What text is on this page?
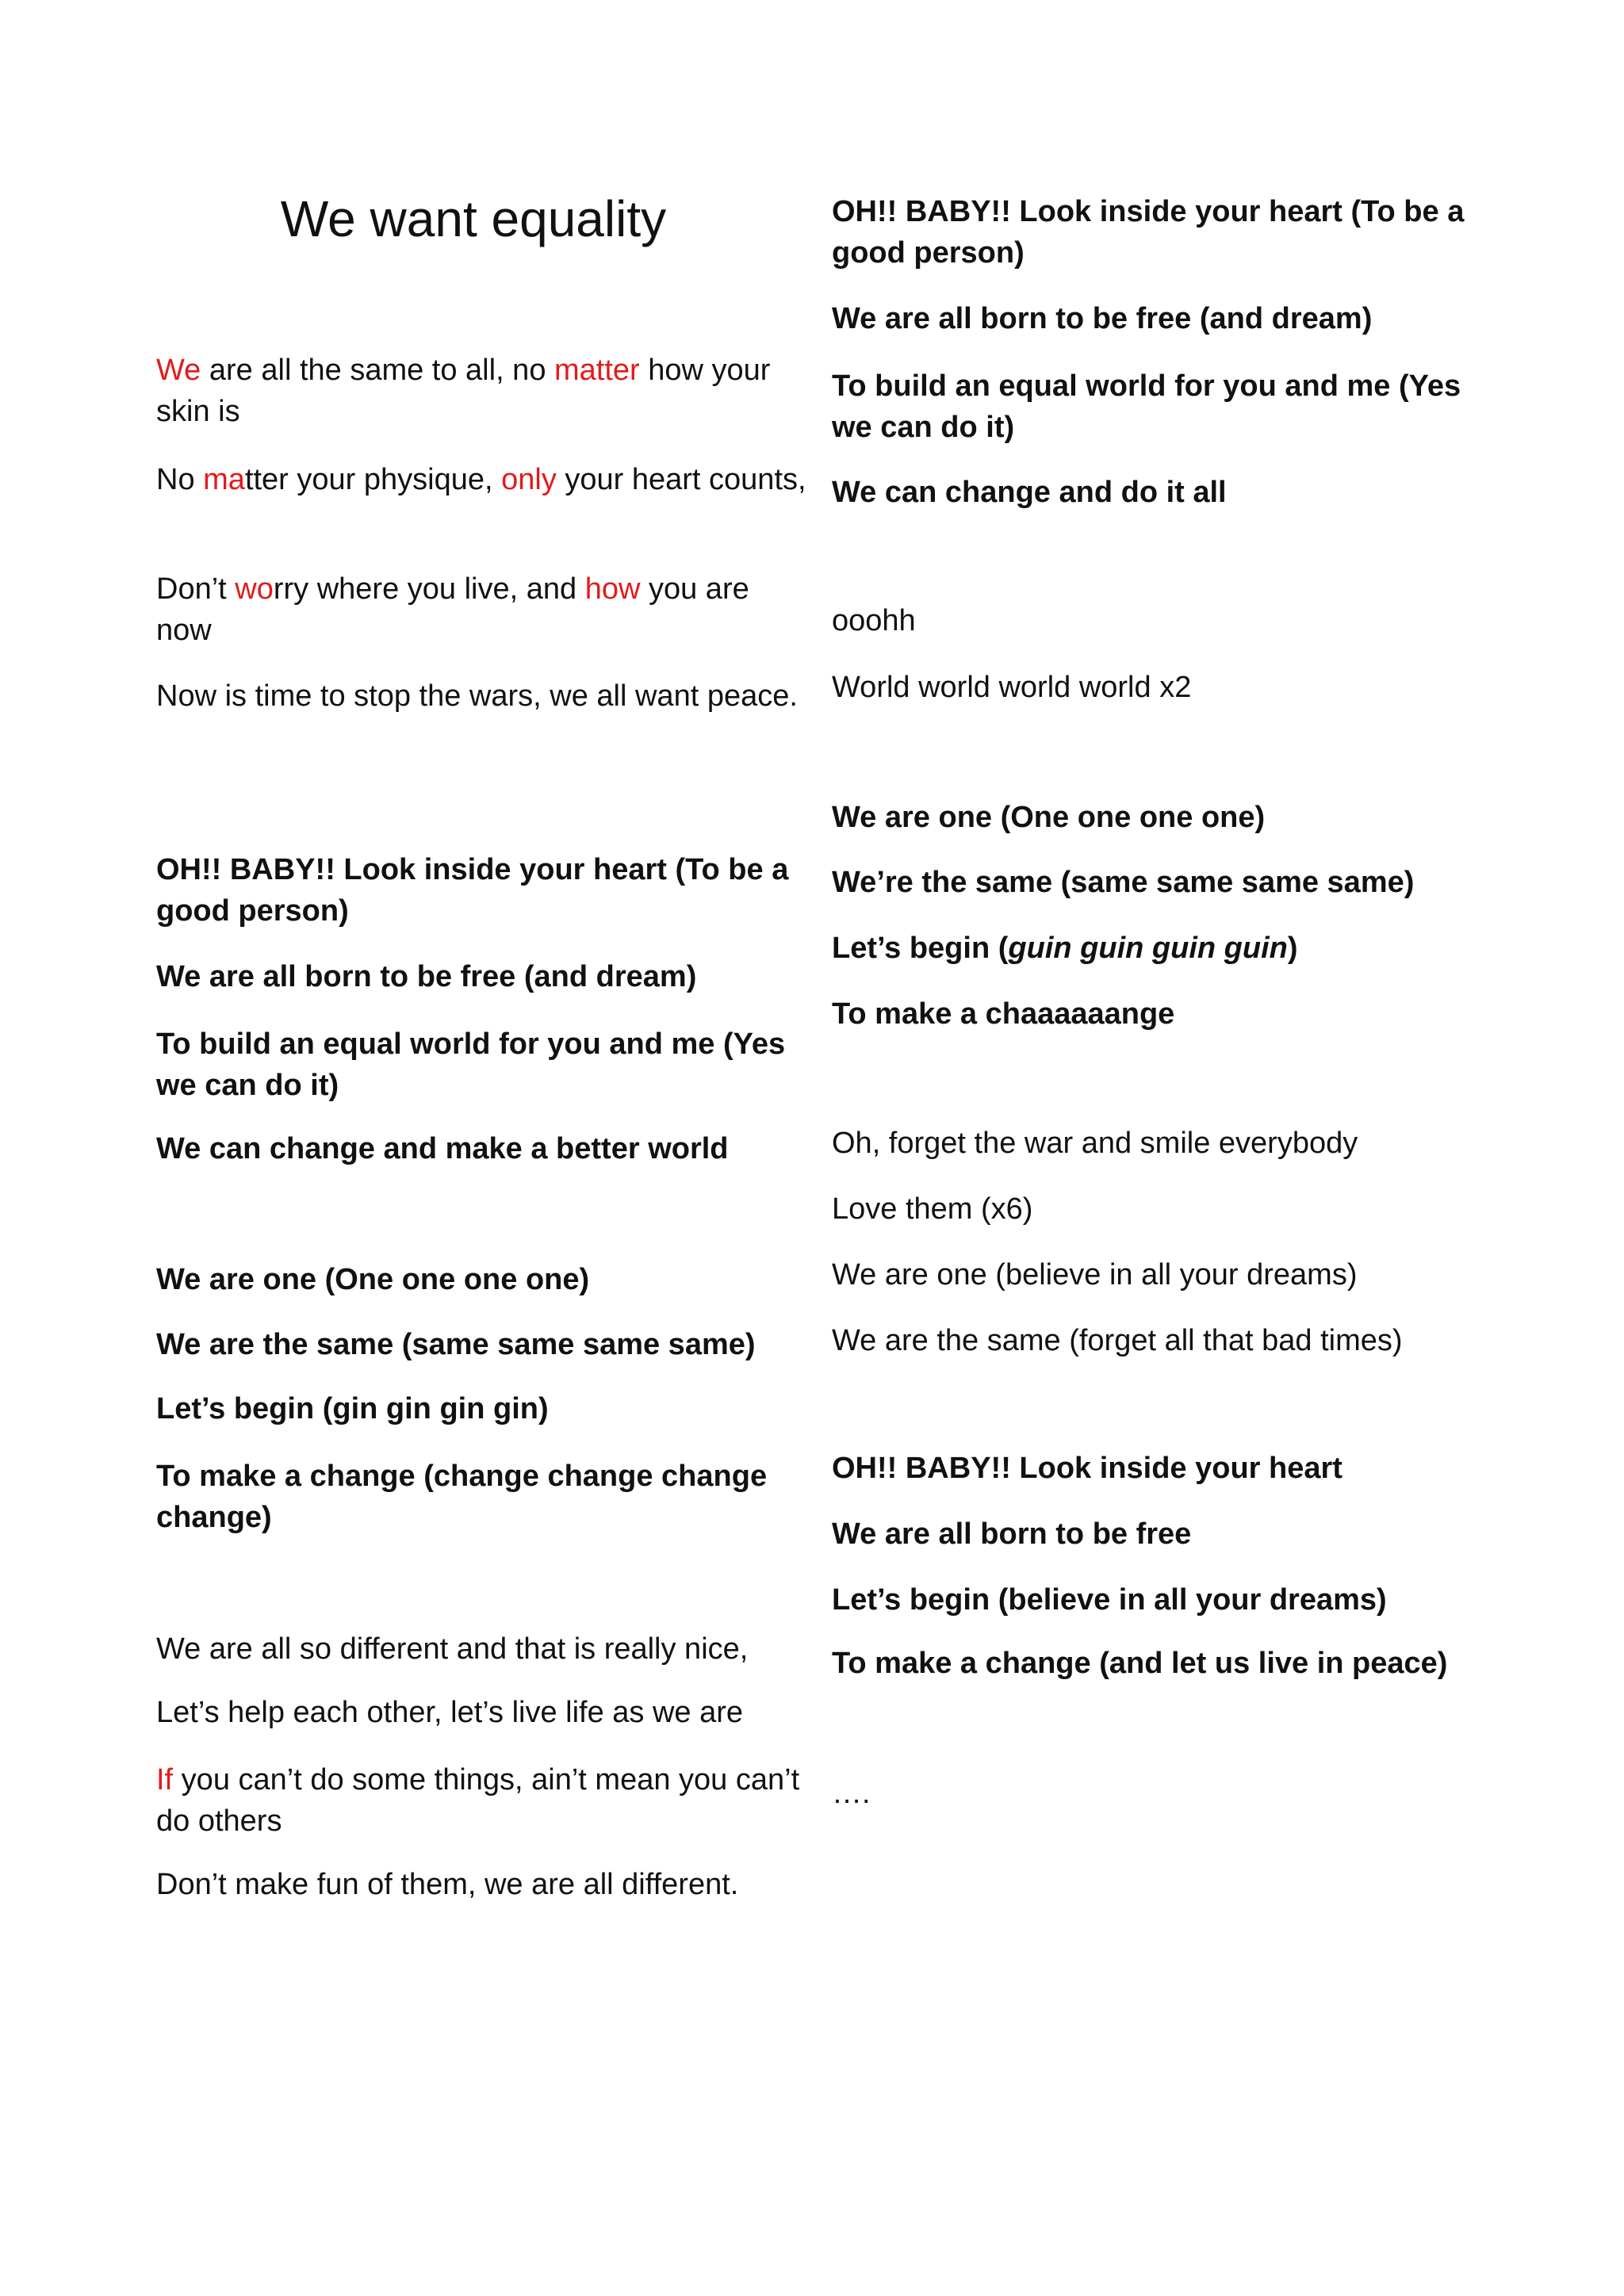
We want equality

We are all the same to all, no matter how your skin is

No matter your physique, only your heart counts,

Don’t worry where you live, and how you are now

Now is time to stop the wars, we all want peace.

OH!! BABY!! Look inside your heart (To be a good person)

We are all born to be free (and dream)

To build an equal world for you and me (Yes we can do it)

We can change and make a better world

We are one (One one one one)

We are the same (same same same same)

Let’s begin (gin gin gin gin)

To make a change (change change change change)

We are all so different and that is really nice,

Let’s help each other, let’s live life as we are

If you can’t do some things, ain’t mean you can’t do others

Don’t make fun of them, we are all different.

OH!! BABY!! Look inside your heart (To be a good person)

We are all born to be free (and dream)

To build an equal world for you and me (Yes we can do it)

We can change and do it all

ooohh

World world world world x2

We are one (One one one one)

We’re the same (same same same same)

Let’s begin (guin guin guin guin)

To make a chaaaaaange

Oh, forget the war and smile everybody

Love them (x6)

We are one (believe in all your dreams)

We are the same (forget all that bad times)

OH!! BABY!! Look inside your heart

We are all born to be free

Let’s begin (believe in all your dreams)

To make a change (and let us live in peace)

….
